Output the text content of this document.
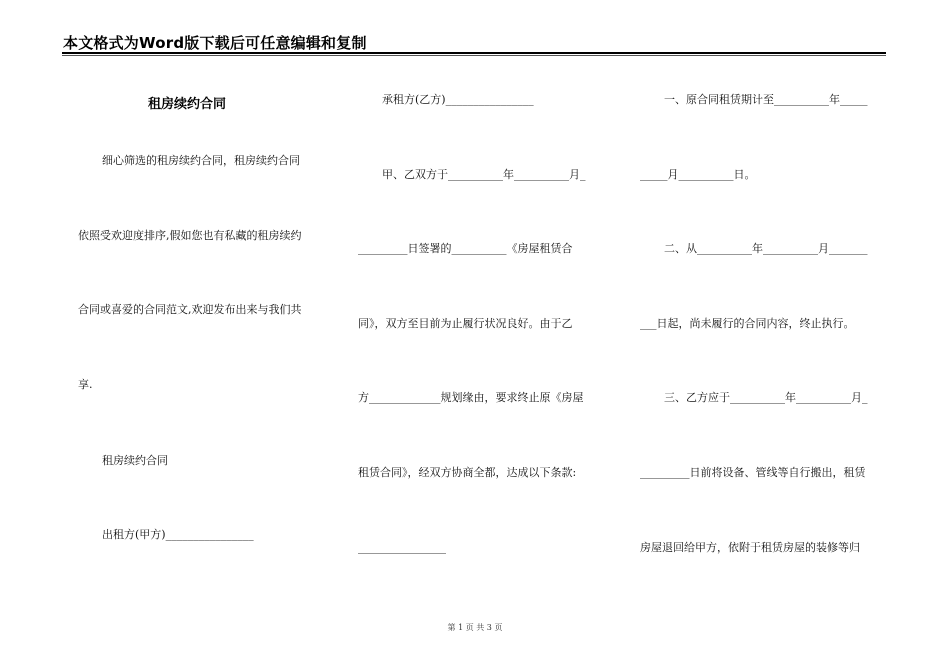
本文格式为Word版下载后可任意编辑和复制
租房续约合同
细心筛选的租房续约合同，租房续约合同
依照受欢迎度排序,假如您也有私藏的租房续约
合同或喜爱的合同范文,欢迎发布出来与我们共
享.
租房续约合同
出租方(甲方)________________
承租方(乙方)________________
甲、乙双方于__________年__________月_
_________日签署的__________《房屋租赁合
同》，双方至目前为止履行状况良好。由于乙
方_____________规划缘由，要求终止原《房屋
租赁合同》，经双方协商全都，达成以下条款:
________________
一、原合同租赁期计至__________年_____
_____月__________日。
二、从__________年__________月_______
___日起，尚未履行的合同内容，终止执行。
三、乙方应于__________年__________月_
_________日前将设备、管线等自行搬出，租赁
房屋退回给甲方，依附于租赁房屋的装修等归
第 1 页 共 3 页
